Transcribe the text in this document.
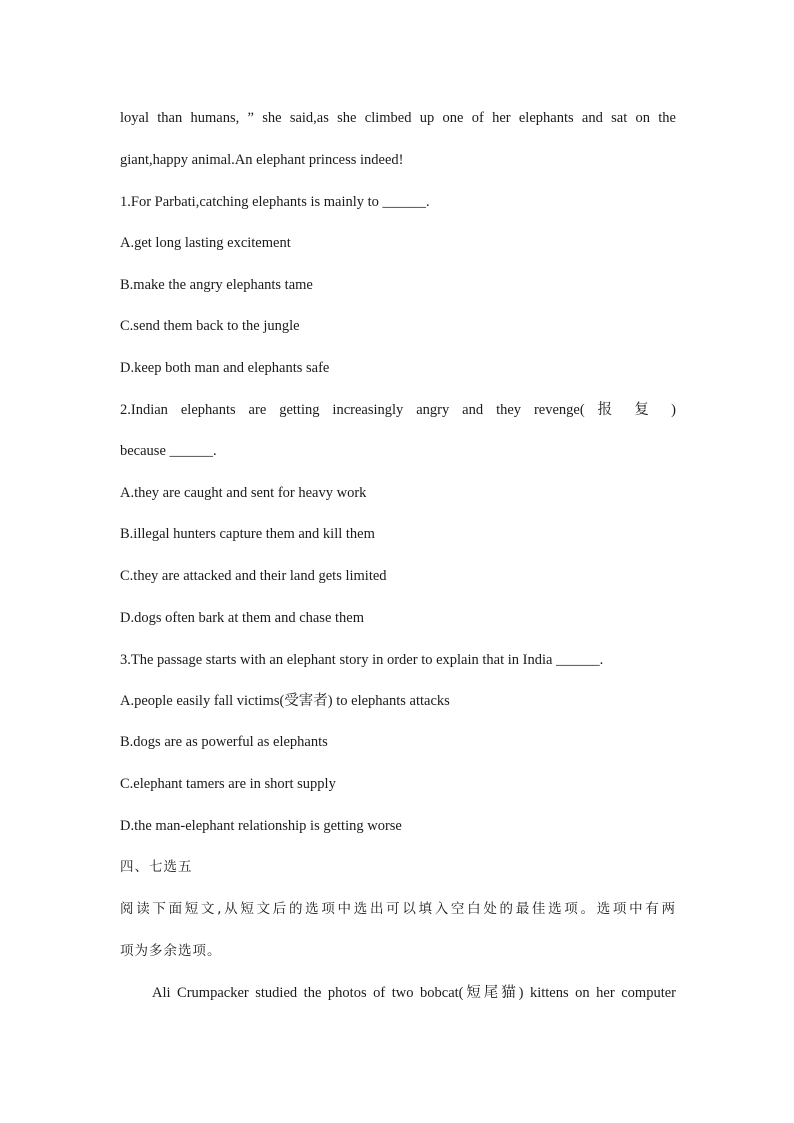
loyal than humans, ” she said,as she climbed up one of her elephants and sat on the
giant,happy animal.An elephant princess indeed!
1.For Parbati,catching elephants is mainly to ______.
A.get long lasting excitement
B.make the angry elephants tame
C.send them back to the jungle
D.keep both man and elephants safe
2.Indian elephants are getting increasingly angry and they revenge( 报 复 )
because ______.
A.they are caught and sent for heavy work
B.illegal hunters capture them and kill them
C.they are attacked and their land gets limited
D.dogs often bark at them and chase them
3.The passage starts with an elephant story in order to explain that in India ______.
A.people easily fall victims(受害者) to elephants attacks
B.dogs are as powerful as elephants
C.elephant tamers are in short supply
D.the man-elephant relationship is getting worse
四、七选五
阅读下面短文,从短文后的选项中选出可以填入空白处的最佳选项。选项中有两
项为多余选项。
Ali Crumpacker studied the photos of two bobcat(短尾猫) kittens on her computer
